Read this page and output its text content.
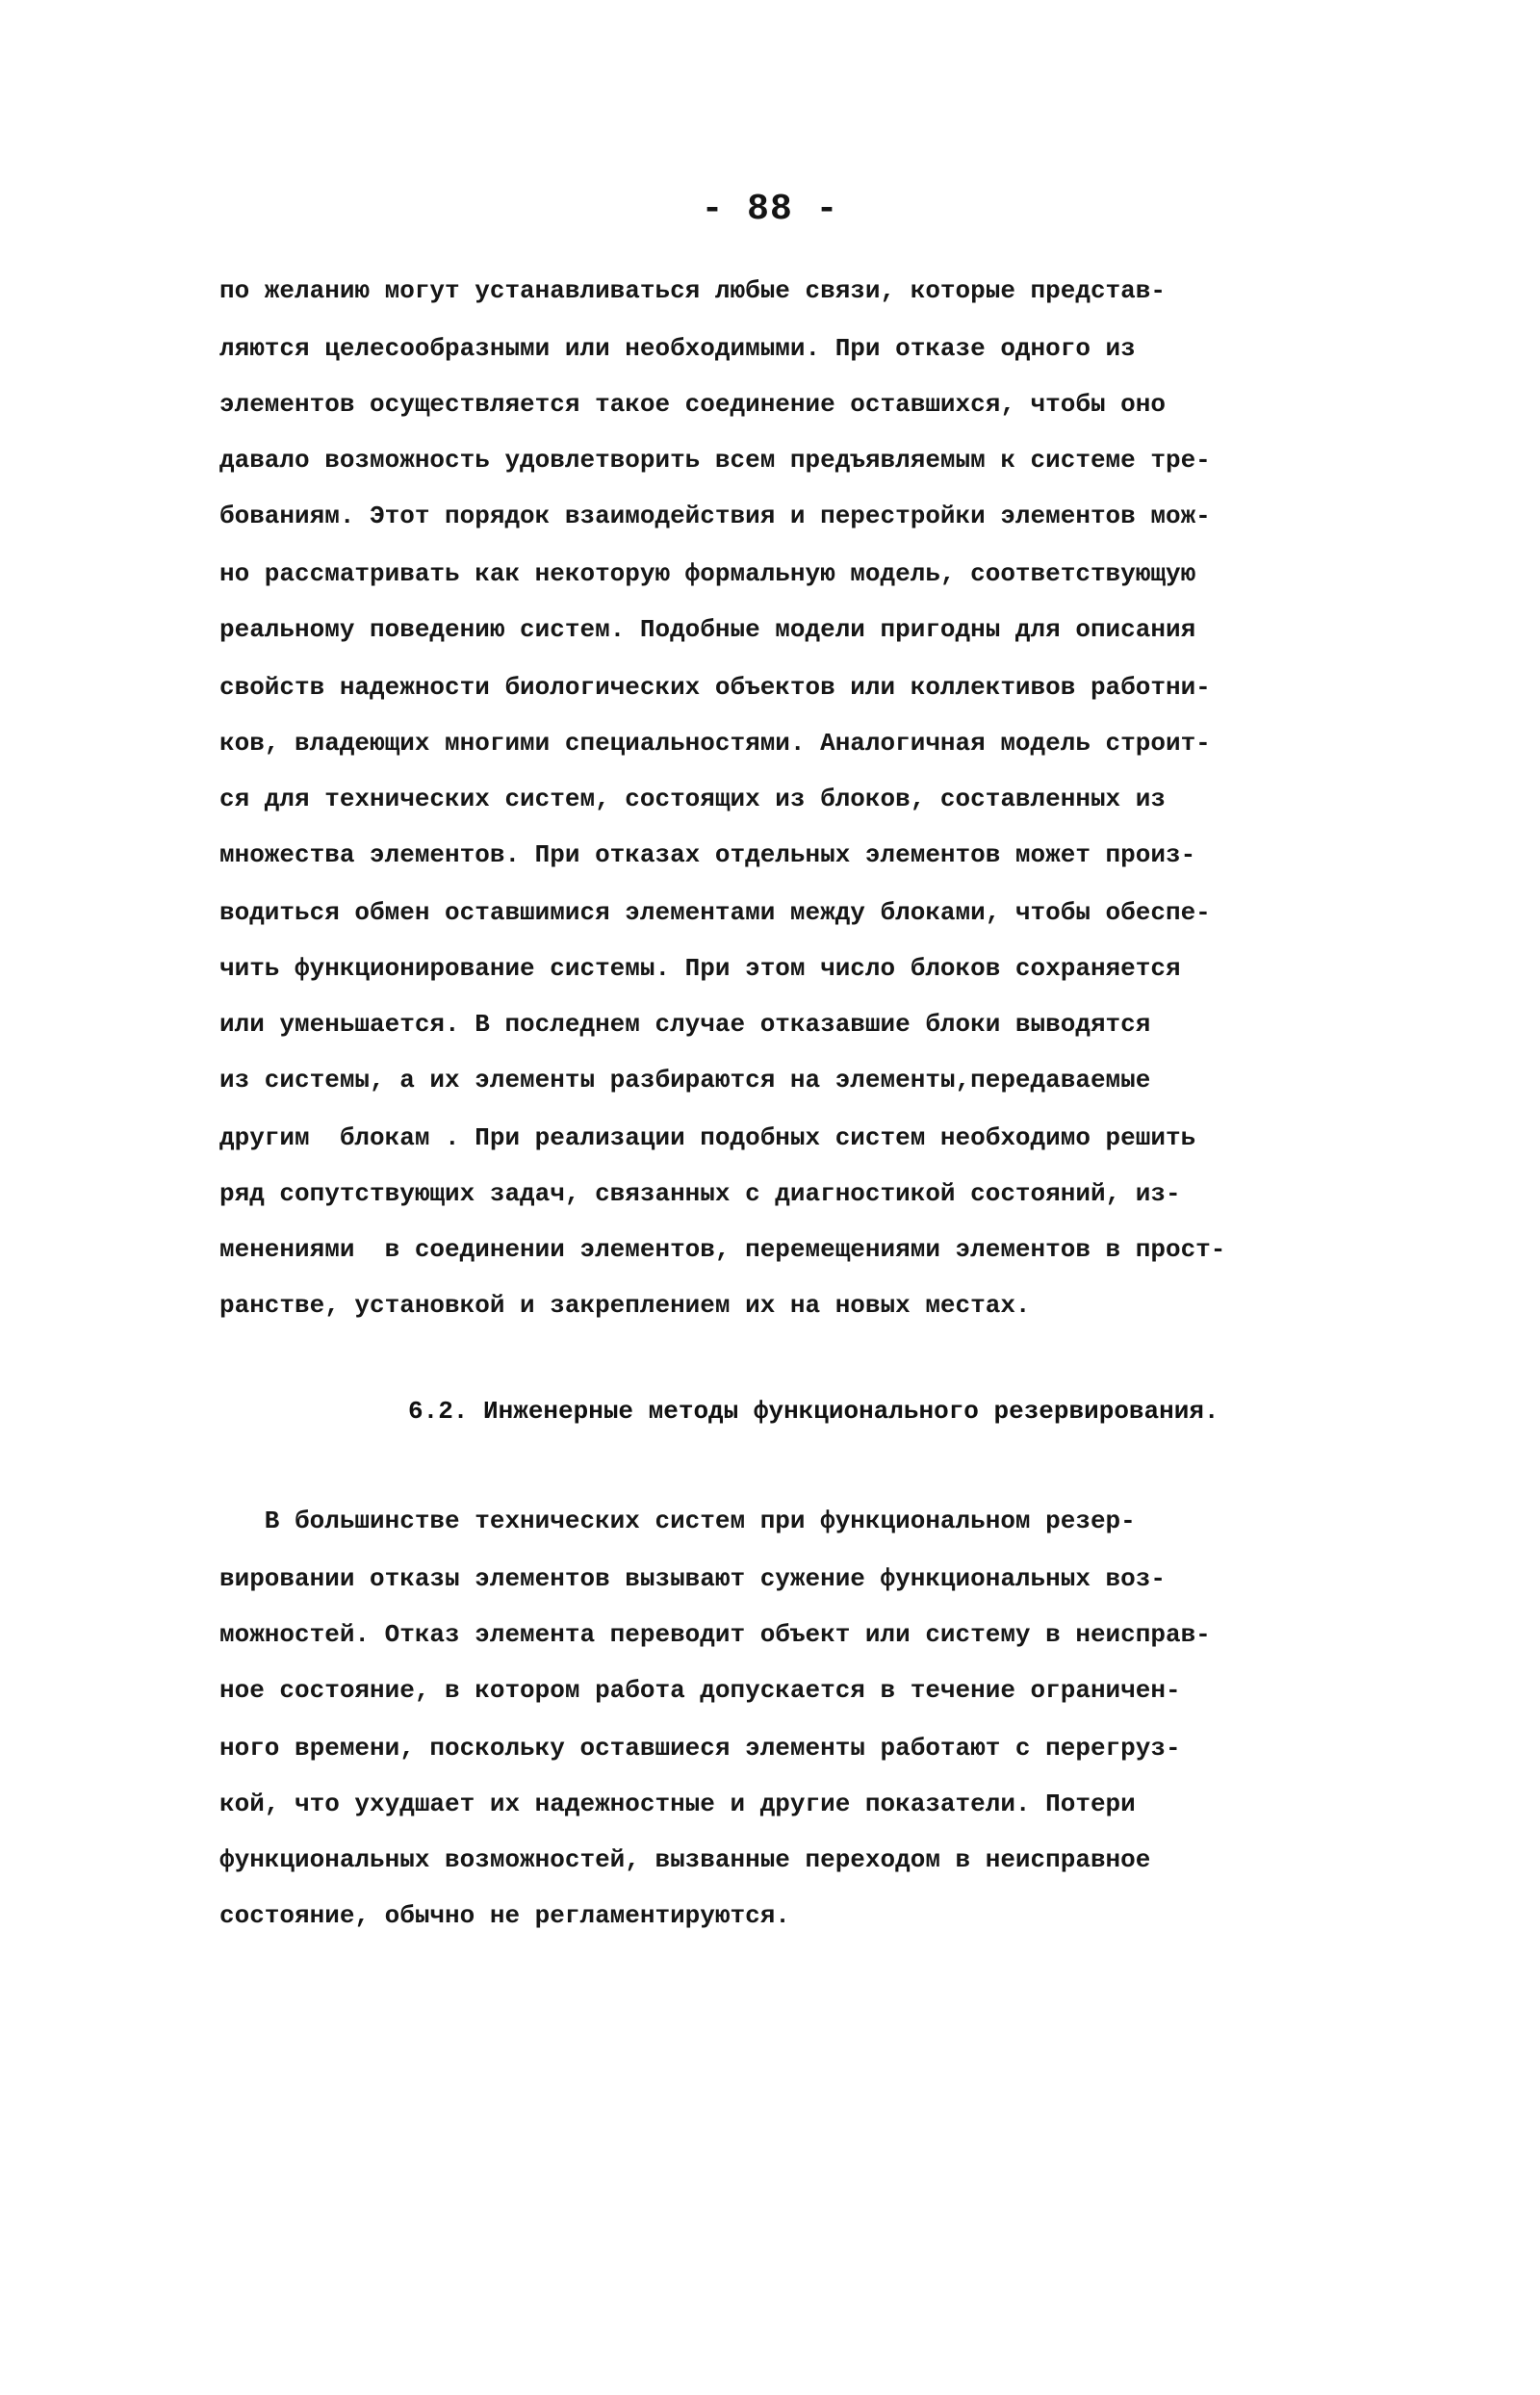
- 88 -
по желанию могут устанавливаться любые связи, которые представ-
ляются целесообразными или необходимыми. При отказе одного из
элементов осуществляется такое соединение оставшихся, чтобы оно
давало возможность удовлетворить всем предъявляемым к системе тре-
бованиям. Этот порядок взаимодействия и перестройки элементов мож-
но рассматривать как некоторую формальную модель, соответствующую
реальному поведению систем. Подобные модели пригодны для описания
свойств надежности биологических объектов или коллективов работни-
ков, владеющих многими специальностями. Аналогичная модель строит-
ся для технических систем, состоящих из блоков, составленных из
множества элементов. При отказах отдельных элементов может произ-
водиться обмен оставшимися элементами между блоками, чтобы обеспе-
чить функционирование системы. При этом число блоков сохраняется
или уменьшается. В последнем случае отказавшие блоки выводятся
из системы, а их элементы разбираются на элементы,передаваемые
другим  блокам . При реализации подобных систем необходимо решить
ряд сопутствующих задач, связанных с диагностикой состояний, из-
менениями  в соединении элементов, перемещениями элементов в прост-
ранстве, установкой и закреплением их на новых местах.
6.2. Инженерные методы функционального резервирования.
В большинстве технических систем при функциональном резер-
вировании отказы элементов вызывают сужение функциональных воз-
можностей. Отказ элемента переводит объект или систему в неисправ-
ное состояние, в котором работа допускается в течение ограничен-
ного времени, поскольку оставшиеся элементы работают с перегруз-
кой, что ухудшает их надежностные и другие показатели. Потери
функциональных возможностей, вызванные переходом в неисправное
состояние, обычно не регламентируются.
